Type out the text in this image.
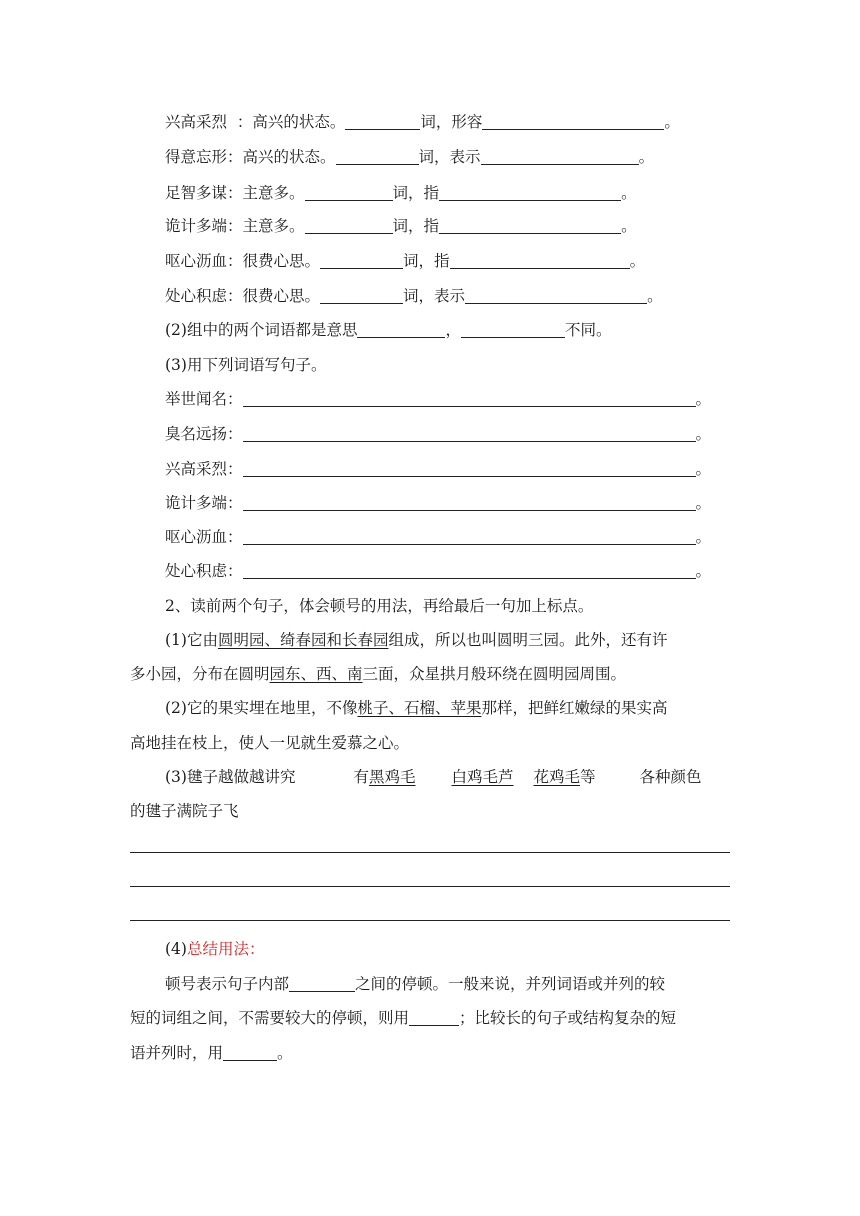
兴高采烈  ：高兴的状态。	词，形容	。
得意忘形：高兴的状态。	词，表示	。
足智多谋：主意多。	词，指	。
诡计多端：主意多。	词，指	。
呕心沥血：很费心思。	词，指	。
处心积虑：很费心思。	词，表示	。
(2)组中的两个词语都是意思	，	不同。
(3)用下列词语写句子。
举世闻名：	。
臭名远扬：	。
兴高采烈：	。
诡计多端：	。
呕心沥血：	。
处心积虑：	。
2、读前两个句子，体会顿号的用法，再给最后一句加上标点。
(1)它由圆明园、绮春园和长春园组成，所以也叫圆明三园。此外，还有许
多小园，分布在圆明园东、西、南三面，众星拱月般环绕在圆明园周围。
(2)它的果实埋在地里，不像桃子、石榴、苹果那样，把鲜红嫩绿的果实高
高地挂在枝上，使人一见就生爱慕之心。
(3)毽子越做越讲究	有黑鸡毛 白鸡毛芦 花鸡毛等	各种颜色
的毽子满院子飞
(4)总结用法：
顿号表示句子内部	之间的停顿。一般来说，并列词语或并列的较
短的词组之间，不需要较大的停顿，则用	；比较长的句子或结构复杂的短
语并列时，用	。
